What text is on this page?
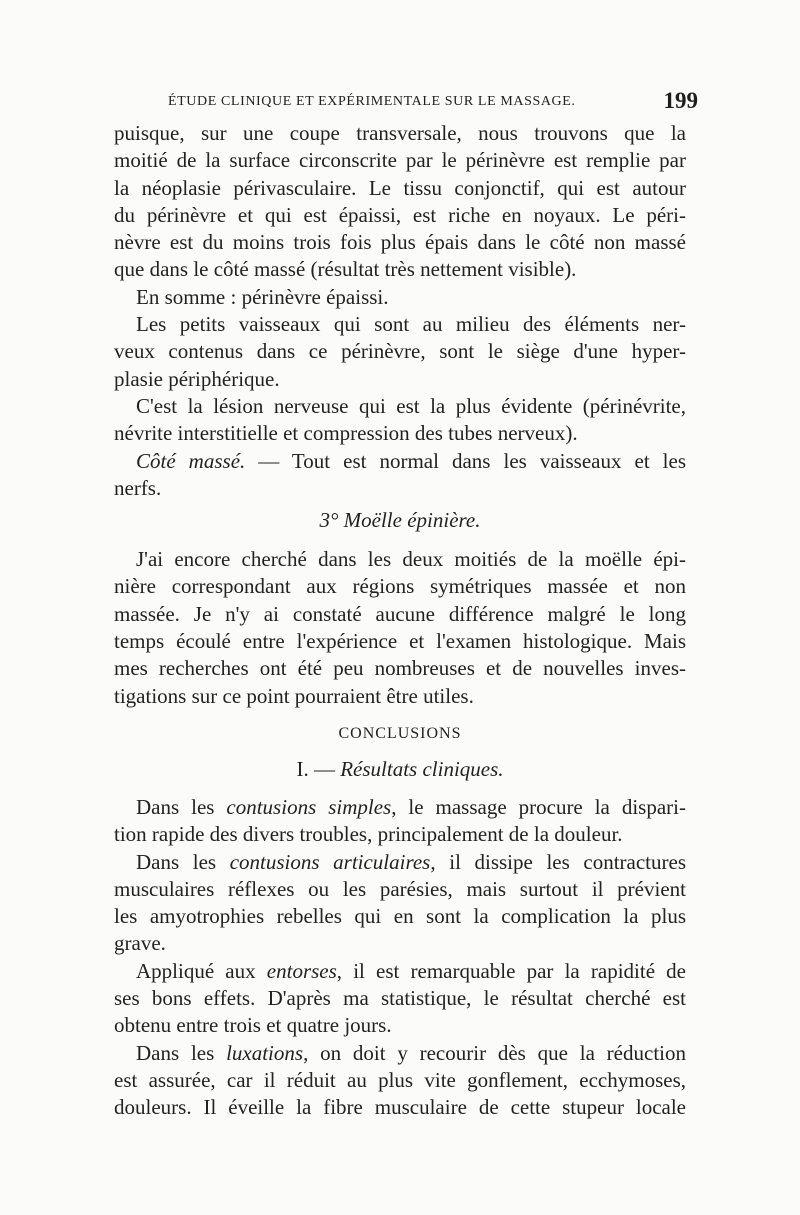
ÉTUDE CLINIQUE ET EXPÉRIMENTALE SUR LE MASSAGE.	199
puisque, sur une coupe transversale, nous trouvons que la
moitié de la surface circonscrite par le périnèvre est remplie par
la néoplasie périvasculaire. Le tissu conjonctif, qui est autour
du périnèvre et qui est épaissi, est riche en noyaux. Le péri-
nèvre est du moins trois fois plus épais dans le côté non massé
que dans le côté massé (résultat très nettement visible).
En somme : périnèvre épaissi.
Les petits vaisseaux qui sont au milieu des éléments ner-
veux contenus dans ce périnèvre, sont le siège d'une hyper-
plasie périphérique.
C'est la lésion nerveuse qui est la plus évidente (périnévrite,
névrite interstitielle et compression des tubes nerveux).
Côté massé. — Tout est normal dans les vaisseaux et les
nerfs.
3° Moëlle épinière.
J'ai encore cherché dans les deux moitiés de la moëlle épi-
nière correspondant aux régions symétriques massée et non
massée. Je n'y ai constaté aucune différence malgré le long
temps écoulé entre l'expérience et l'examen histologique. Mais
mes recherches ont été peu nombreuses et de nouvelles inves-
tigations sur ce point pourraient être utiles.
CONCLUSIONS
I. — Résultats cliniques.
Dans les contusions simples, le massage procure la dispari-
tion rapide des divers troubles, principalement de la douleur.
Dans les contusions articulaires, il dissipe les contractures
musculaires réflexes ou les parésies, mais surtout il prévient
les amyotrophies rebelles qui en sont la complication la plus
grave.
Appliqué aux entorses, il est remarquable par la rapidité de
ses bons effets. D'après ma statistique, le résultat cherché est
obtenu entre trois et quatre jours.
Dans les luxations, on doit y recourir dès que la réduction
est assurée, car il réduit au plus vite gonflement, ecchymoses,
douleurs. Il éveille la fibre musculaire de cette stupeur locale
